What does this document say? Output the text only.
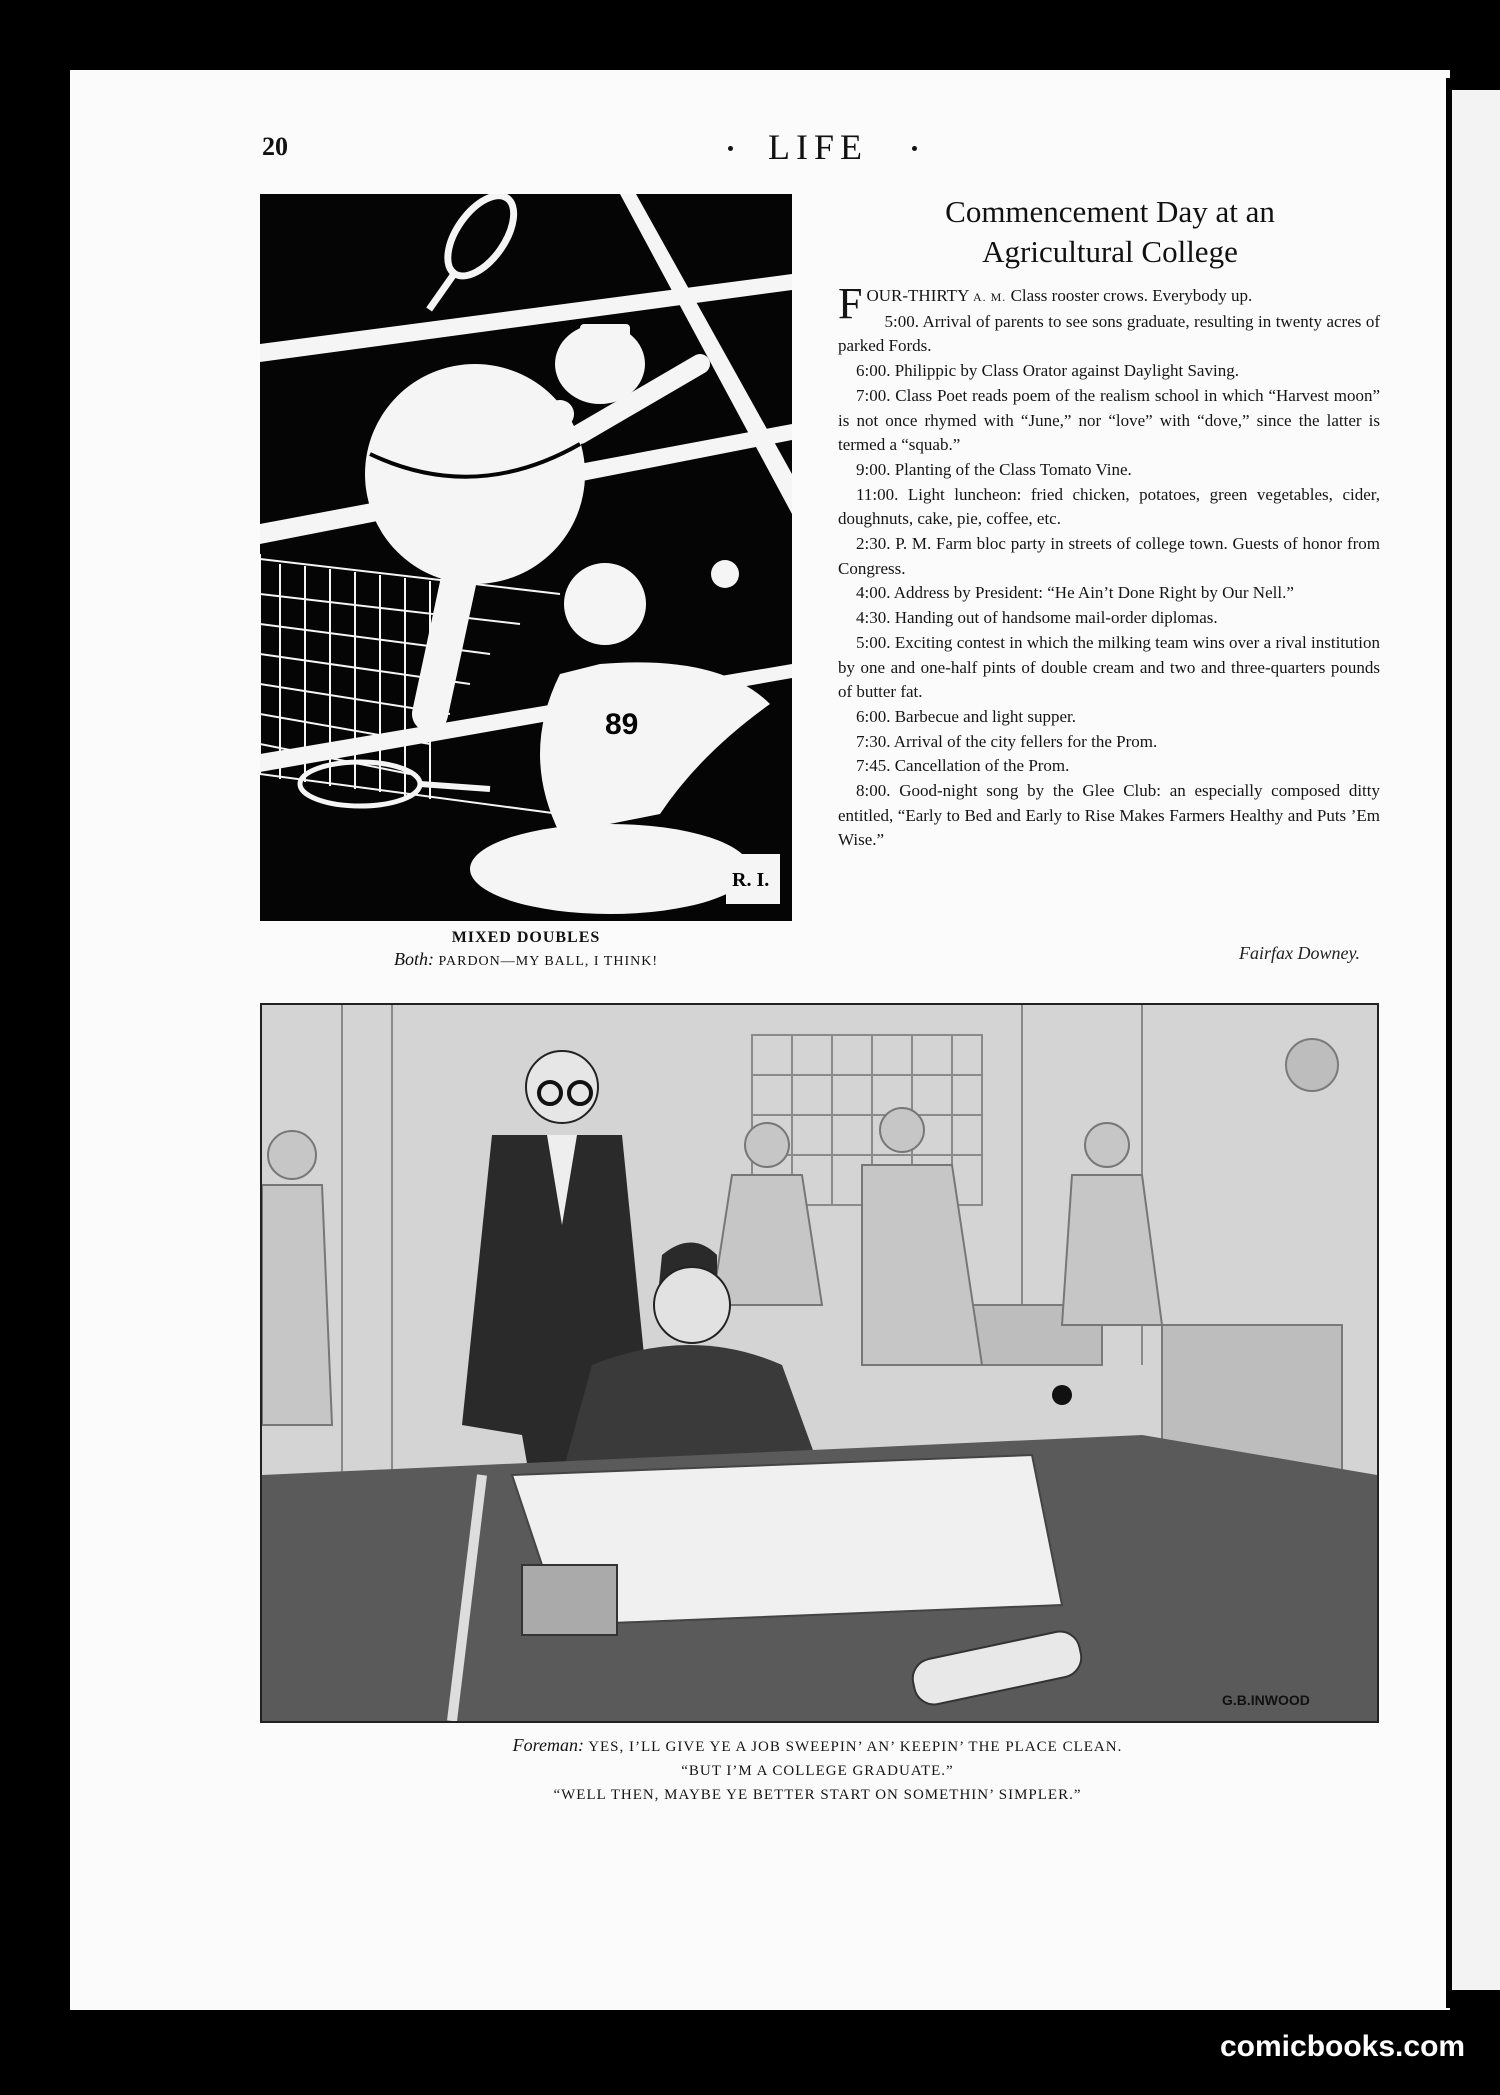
20	LIFE
89
R. I.
MIXED DOUBLES
Both: PARDON—MY BALL, I THINK!
Commencement Day at an
Agricultural College

FOUR-THIRTY A. M. Class rooster crows. Everybody up.

5:00. Arrival of parents to see sons graduate, resulting in twenty acres of parked Fords.

6:00. Philippic by Class Orator against Daylight Saving.

7:00. Class Poet reads poem of the realism school in which “Harvest moon” is not once rhymed with “June,” nor “love” with “dove,” since the latter is termed a “squab.”

9:00. Planting of the Class Tomato Vine.

11:00. Light luncheon: fried chicken, potatoes, green vegetables, cider, doughnuts, cake, pie, coffee, etc.

2:30. P. M. Farm bloc party in streets of college town. Guests of honor from Congress.

4:00. Address by President: “He Ain’t Done Right by Our Nell.”

4:30. Handing out of handsome mail-order diplomas.

5:00. Exciting contest in which the milking team wins over a rival institution by one and one-half pints of double cream and two and three-quarters pounds of butter fat.

6:00. Barbecue and light supper.

7:30. Arrival of the city fellers for the Prom.

7:45. Cancellation of the Prom.

8:00. Good-night song by the Glee Club: an especially composed ditty entitled, “Early to Bed and Early to Rise Makes Farmers Healthy and Puts ’Em Wise.”

Fairfax Downey.
G.B.INWOOD
Foreman: YES, I’LL GIVE YE A JOB SWEEPIN’ AN’ KEEPIN’ THE PLACE CLEAN.
“BUT I’M A COLLEGE GRADUATE.”
“WELL THEN, MAYBE YE BETTER START ON SOMETHIN’ SIMPLER.”
comicbooks.com
